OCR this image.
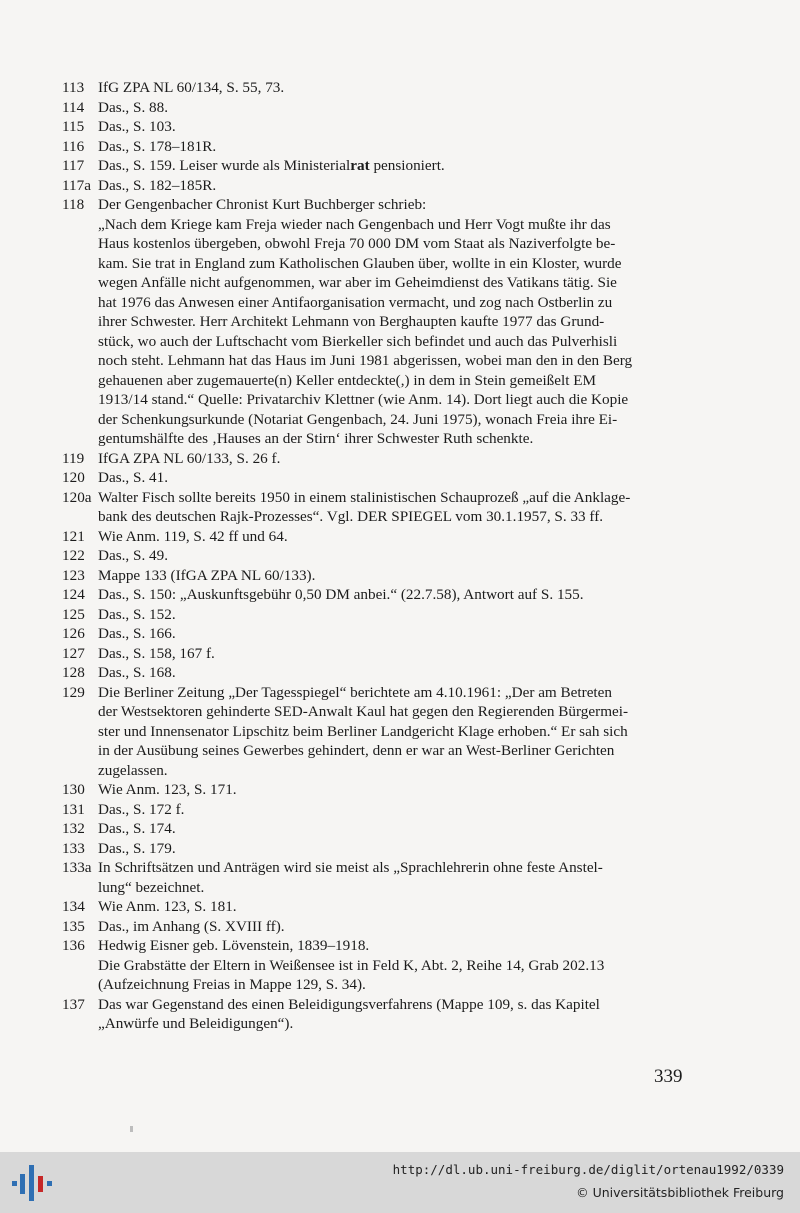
113 IfG ZPA NL 60/134, S. 55, 73.
114 Das., S. 88.
115 Das., S. 103.
116 Das., S. 178–181R.
117 Das., S. 159. Leiser wurde als Ministerialrat pensioniert.
117a Das., S. 182–185R.
118 Der Gengenbacher Chronist Kurt Buchberger schrieb:
„Nach dem Kriege kam Freja wieder nach Gengenbach und Herr Vogt mußte ihr das
Haus kostenlos übergeben, obwohl Freja 70 000 DM vom Staat als Naziverfolgte be-
kam. Sie trat in England zum Katholischen Glauben über, wollte in ein Kloster, wurde
wegen Anfälle nicht aufgenommen, war aber im Geheimdienst des Vatikans tätig. Sie
hat 1976 das Anwesen einer Antifaorganisation vermacht, und zog nach Ostberlin zu
ihrer Schwester. Herr Architekt Lehmann von Berghaupten kaufte 1977 das Grund-
stück, wo auch der Luftschacht vom Bierkeller sich befindet und auch das Pulverhisli
noch steht. Lehmann hat das Haus im Juni 1981 abgerissen, wobei man den in den Berg
gehauenen aber zugemauerte(n) Keller entdeckte(,) in dem in Stein gemeißelt EM
1913/14 stand.“ Quelle: Privatarchiv Klettner (wie Anm. 14). Dort liegt auch die Kopie
der Schenkungsurkunde (Notariat Gengenbach, 24. Juni 1975), wonach Freia ihre Ei-
gentumshälfte des ‚Hauses an der Stirn‘ ihrer Schwester Ruth schenkte.
119 IfGA ZPA NL 60/133, S. 26 f.
120 Das., S. 41.
120a Walter Fisch sollte bereits 1950 in einem stalinistischen Schauprozeß „auf die Anklage-
bank des deutschen Rajk-Prozesses“. Vgl. DER SPIEGEL vom 30.1.1957, S. 33 ff.
121 Wie Anm. 119, S. 42 ff und 64.
122 Das., S. 49.
123 Mappe 133 (IfGA ZPA NL 60/133).
124 Das., S. 150: „Auskunftsgebühr 0,50 DM anbei.“ (22.7.58), Antwort auf S. 155.
125 Das., S. 152.
126 Das., S. 166.
127 Das., S. 158, 167 f.
128 Das., S. 168.
129 Die Berliner Zeitung „Der Tagesspiegel“ berichtete am 4.10.1961: „Der am Betreten
der Westsektoren gehinderte SED-Anwalt Kaul hat gegen den Regierenden Bürgermei-
ster und Innensenator Lipschitz beim Berliner Landgericht Klage erhoben.“ Er sah sich
in der Ausübung seines Gewerbes gehindert, denn er war an West-Berliner Gerichten
zugelassen.
130 Wie Anm. 123, S. 171.
131 Das., S. 172 f.
132 Das., S. 174.
133 Das., S. 179.
133a In Schriftsätzen und Anträgen wird sie meist als „Sprachlehrerin ohne feste Anstel-
lung“ bezeichnet.
134 Wie Anm. 123, S. 181.
135 Das., im Anhang (S. XVIII ff).
136 Hedwig Eisner geb. Lövenstein, 1839–1918.
Die Grabstätte der Eltern in Weißensee ist in Feld K, Abt. 2, Reihe 14, Grab 202.13
(Aufzeichnung Freias in Mappe 129, S. 34).
137 Das war Gegenstand des einen Beleidigungsverfahrens (Mappe 109, s. das Kapitel
„Anwürfe und Beleidigungen“).
339
http://dl.ub.uni-freiburg.de/diglit/ortenau1992/0339
© Universitätsbibliothek Freiburg
